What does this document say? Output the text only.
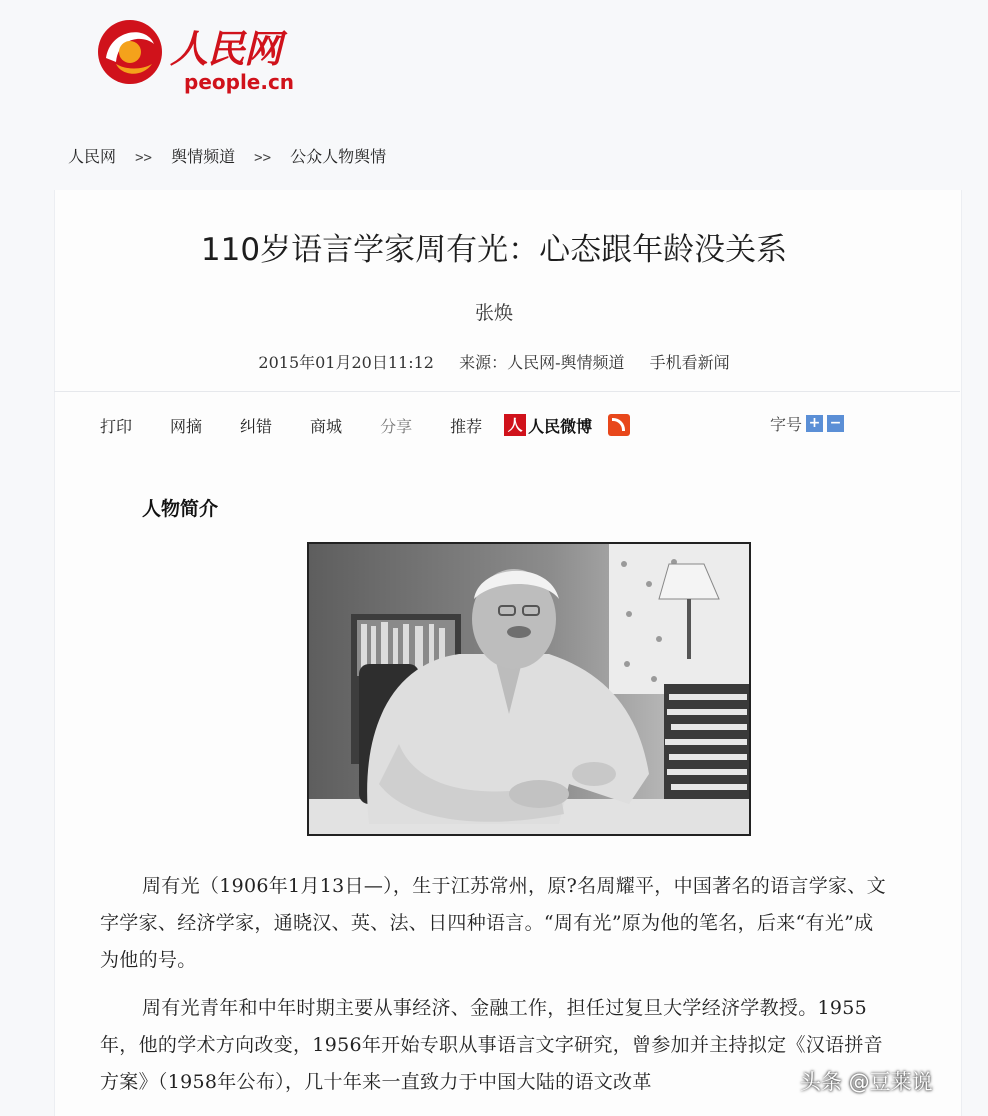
人民网
people.cn
人民网 >> 舆情频道 >> 公众人物舆情
110岁语言学家周有光：心态跟年龄没关系
张焕
2015年01月20日11:12 来源：人民网-舆情频道 手机看新闻
打印 网摘 纠错 商城 分享 推荐 人 人民微博	字号 + −
人物简介

周有光（1906年1月13日—），生于江苏常州，原?名周耀平，中国著名的语言学家、文字学家、经济学家，通晓汉、英、法、日四种语言。“周有光”原为他的笔名，后来“有光”成为他的号。

周有光青年和中年时期主要从事经济、金融工作，担任过复旦大学经济学教授。1955年，他的学术方向改变，1956年开始专职从事语言文字研究，曾参加并主持拟定《汉语拼音方案》（1958年公布），几十年来一直致力于中国大陆的语文改革	头条 @豆莱说
